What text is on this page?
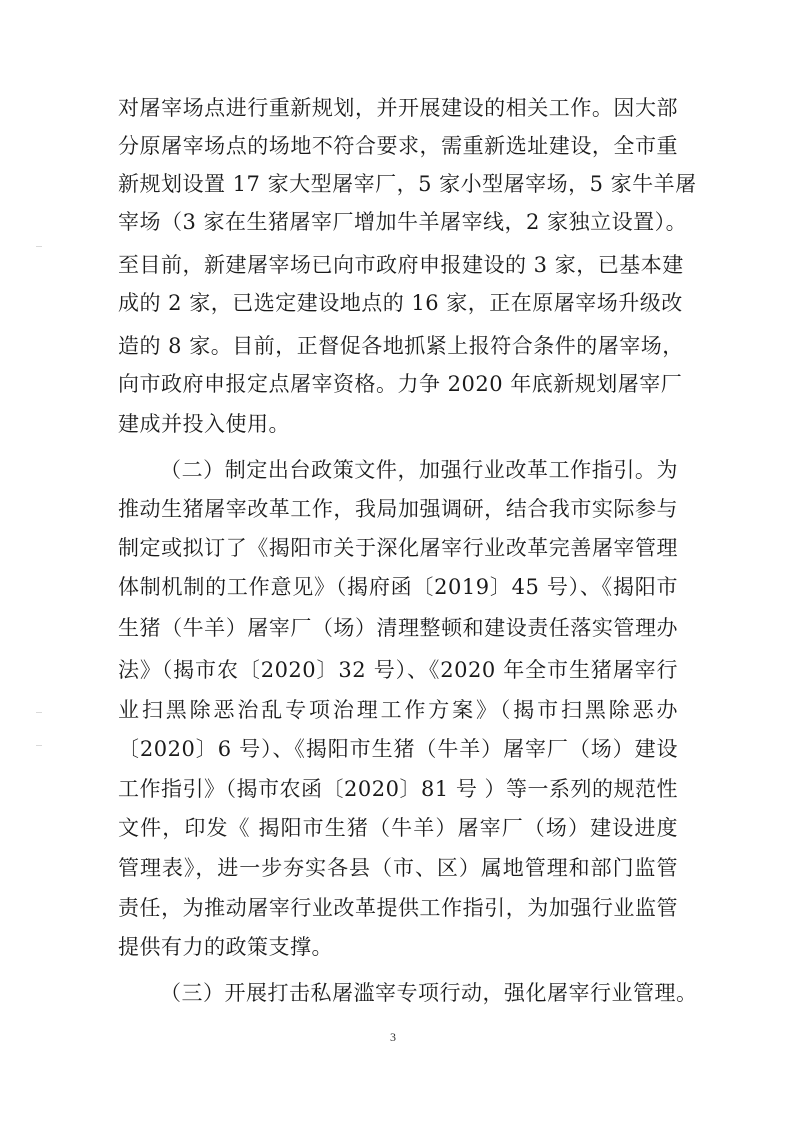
对屠宰场点进行重新规划，并开展建设的相关工作。因大部
分原屠宰场点的场地不符合要求，需重新选址建设，全市重
新规划设置 17 家大型屠宰厂，5 家小型屠宰场，5 家牛羊屠
宰场（3 家在生猪屠宰厂增加牛羊屠宰线，2 家独立设置）。
至目前，新建屠宰场已向市政府申报建设的 3 家，已基本建
成的 2 家，已选定建设地点的 16 家，正在原屠宰场升级改
造的 8 家。目前，正督促各地抓紧上报符合条件的屠宰场，
向市政府申报定点屠宰资格。力争 2020 年底新规划屠宰厂
建成并投入使用。
（二）制定出台政策文件，加强行业改革工作指引。为
推动生猪屠宰改革工作，我局加强调研，结合我市实际参与
制定或拟订了《揭阳市关于深化屠宰行业改革完善屠宰管理
体制机制的工作意见》（揭府函〔2019〕45 号）、《揭阳市
生猪（牛羊）屠宰厂（场）清理整顿和建设责任落实管理办
法》（揭市农〔2020〕32 号）、《2020 年全市生猪屠宰行
业扫黑除恶治乱专项治理工作方案》（揭市扫黑除恶办
〔2020〕6 号）、《揭阳市生猪（牛羊）屠宰厂（场）建设
工作指引》（揭市农函〔2020〕81 号 ）等一系列的规范性
文件，印发《 揭阳市生猪（牛羊）屠宰厂（场）建设进度
管理表》，进一步夯实各县（市、区）属地管理和部门监管
责任，为推动屠宰行业改革提供工作指引，为加强行业监管
提供有力的政策支撑。
（三）开展打击私屠滥宰专项行动，强化屠宰行业管理。
3
